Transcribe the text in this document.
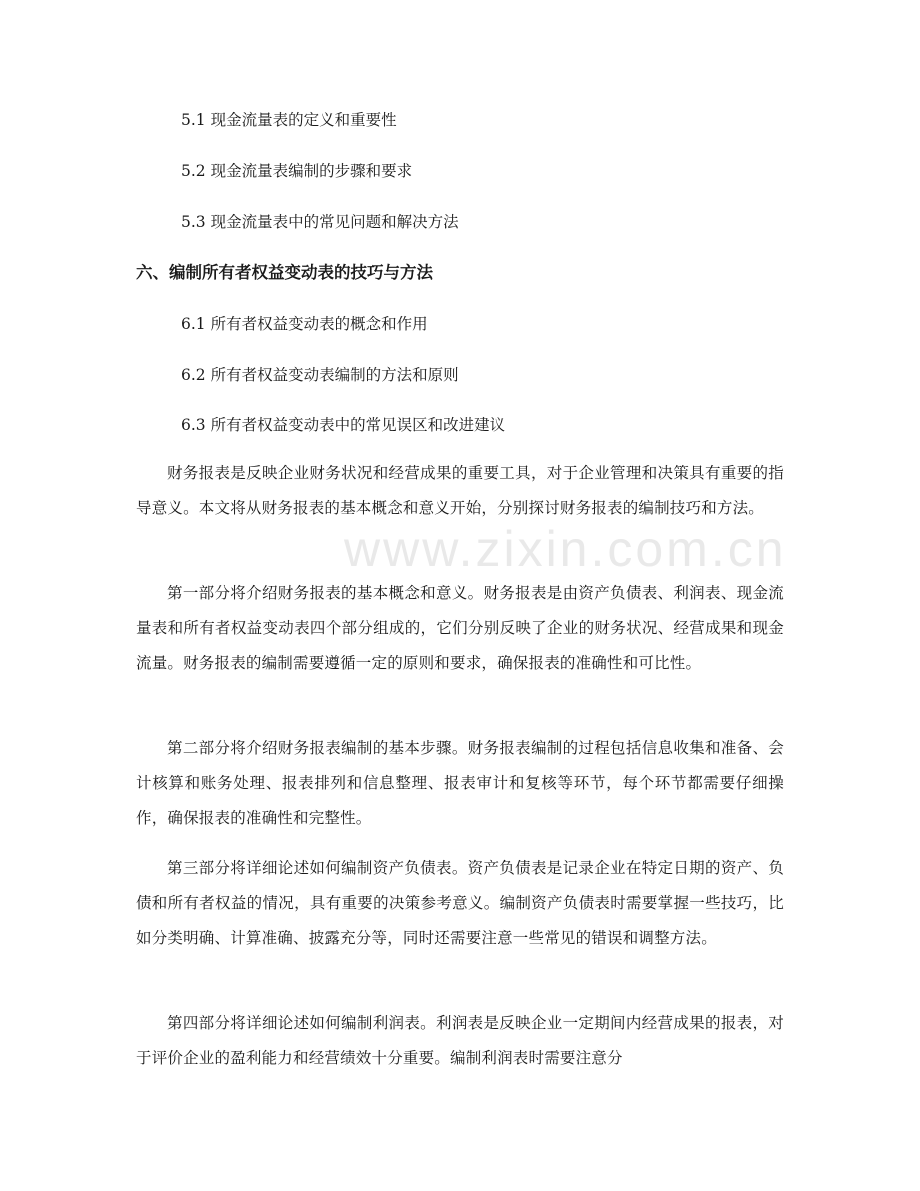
www.zixin.com.cn
5.1 现金流量表的定义和重要性
5.2 现金流量表编制的步骤和要求
5.3 现金流量表中的常见问题和解决方法
六、编制所有者权益变动表的技巧与方法
6.1 所有者权益变动表的概念和作用
6.2 所有者权益变动表编制的方法和原则
6.3 所有者权益变动表中的常见误区和改进建议
财务报表是反映企业财务状况和经营成果的重要工具，对于企业管理和决策具有重要的指导意义。本文将从财务报表的基本概念和意义开始，分别探讨财务报表的编制技巧和方法。
第一部分将介绍财务报表的基本概念和意义。财务报表是由资产负债表、利润表、现金流量表和所有者权益变动表四个部分组成的，它们分别反映了企业的财务状况、经营成果和现金流量。财务报表的编制需要遵循一定的原则和要求，确保报表的准确性和可比性。
第二部分将介绍财务报表编制的基本步骤。财务报表编制的过程包括信息收集和准备、会计核算和账务处理、报表排列和信息整理、报表审计和复核等环节，每个环节都需要仔细操作，确保报表的准确性和完整性。
第三部分将详细论述如何编制资产负债表。资产负债表是记录企业在特定日期的资产、负债和所有者权益的情况，具有重要的决策参考意义。编制资产负债表时需要掌握一些技巧，比如分类明确、计算准确、披露充分等，同时还需要注意一些常见的错误和调整方法。
第四部分将详细论述如何编制利润表。利润表是反映企业一定期间内经营成果的报表，对于评价企业的盈利能力和经营绩效十分重要。编制利润表时需要注意分
